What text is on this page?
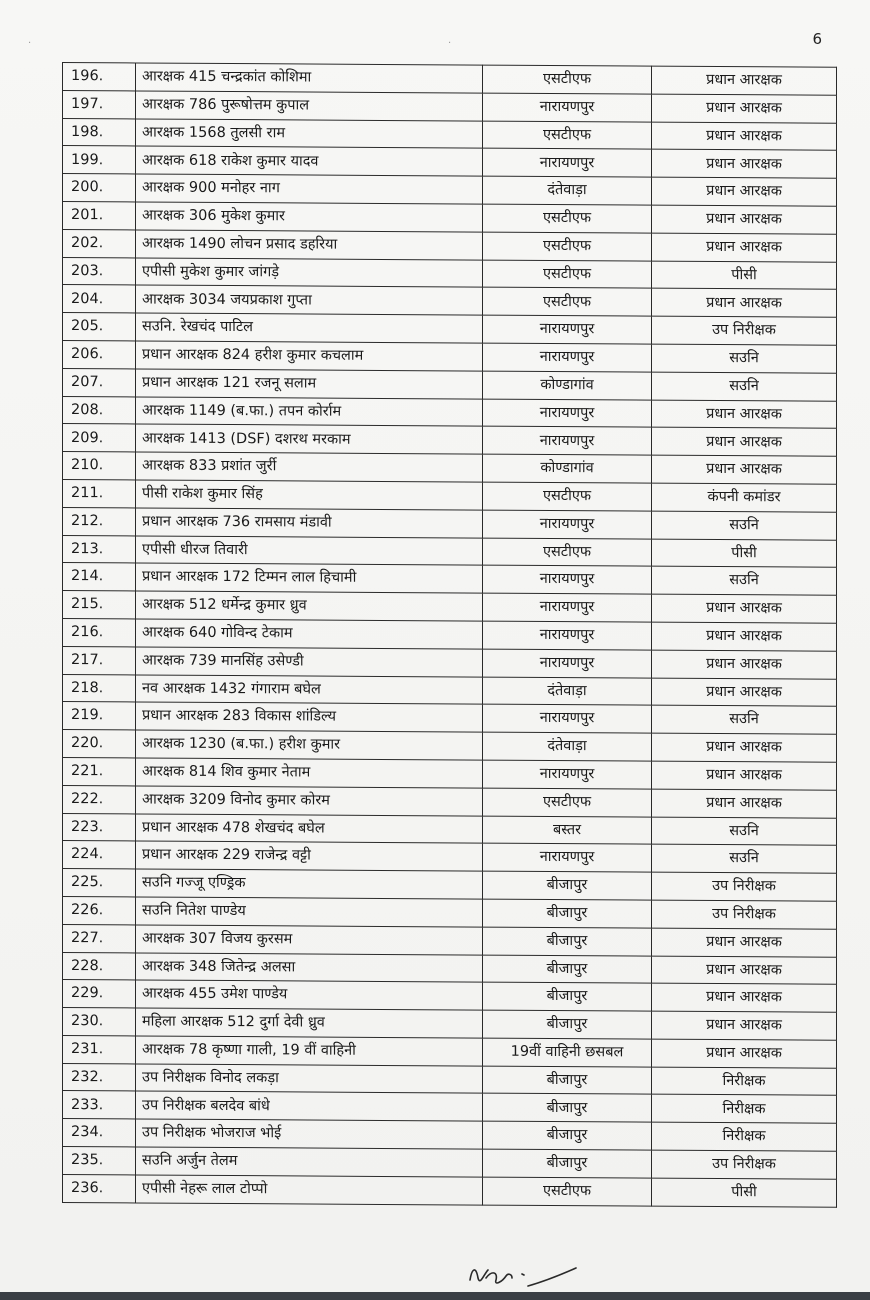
·	·	6
196.	आरक्षक 415 चन्द्रकांत कोशिमा	एसटीएफ	प्रधान आरक्षक
197.	आरक्षक 786 पुरूषोत्तम कुपाल	नारायणपुर	प्रधान आरक्षक
198.	आरक्षक 1568 तुलसी राम	एसटीएफ	प्रधान आरक्षक
199.	आरक्षक 618 राकेश कुमार यादव	नारायणपुर	प्रधान आरक्षक
200.	आरक्षक 900 मनोहर नाग	दंतेवाड़ा	प्रधान आरक्षक
201.	आरक्षक 306 मुकेश कुमार	एसटीएफ	प्रधान आरक्षक
202.	आरक्षक 1490 लोचन प्रसाद डहरिया	एसटीएफ	प्रधान आरक्षक
203.	एपीसी मुकेश कुमार जांगड़े	एसटीएफ	पीसी
204.	आरक्षक 3034 जयप्रकाश गुप्ता	एसटीएफ	प्रधान आरक्षक
205.	सउनि. रेखचंद पाटिल	नारायणपुर	उप निरीक्षक
206.	प्रधान आरक्षक 824 हरीश कुमार कचलाम	नारायणपुर	सउनि
207.	प्रधान आरक्षक 121 रजनू सलाम	कोण्डागांव	सउनि
208.	आरक्षक 1149 (ब.फा.) तपन कोर्राम	नारायणपुर	प्रधान आरक्षक
209.	आरक्षक 1413 (DSF) दशरथ मरकाम	नारायणपुर	प्रधान आरक्षक
210.	आरक्षक 833 प्रशांत जुर्री	कोण्डागांव	प्रधान आरक्षक
211.	पीसी राकेश कुमार सिंह	एसटीएफ	कंपनी कमांडर
212.	प्रधान आरक्षक 736 रामसाय मंडावी	नारायणपुर	सउनि
213.	एपीसी धीरज तिवारी	एसटीएफ	पीसी
214.	प्रधान आरक्षक 172 टिम्मन लाल हिचामी	नारायणपुर	सउनि
215.	आरक्षक 512 धर्मेन्द्र कुमार ध्रुव	नारायणपुर	प्रधान आरक्षक
216.	आरक्षक 640 गोविन्द टेकाम	नारायणपुर	प्रधान आरक्षक
217.	आरक्षक 739 मानसिंह उसेण्डी	नारायणपुर	प्रधान आरक्षक
218.	नव आरक्षक 1432 गंगाराम बघेल	दंतेवाड़ा	प्रधान आरक्षक
219.	प्रधान आरक्षक 283 विकास शांडिल्य	नारायणपुर	सउनि
220.	आरक्षक 1230 (ब.फा.) हरीश कुमार	दंतेवाड़ा	प्रधान आरक्षक
221.	आरक्षक 814 शिव कुमार नेताम	नारायणपुर	प्रधान आरक्षक
222.	आरक्षक 3209 विनोद कुमार कोरम	एसटीएफ	प्रधान आरक्षक
223.	प्रधान आरक्षक 478 शेखचंद बघेल	बस्तर	सउनि
224.	प्रधान आरक्षक 229 राजेन्द्र वट्टी	नारायणपुर	सउनि
225.	सउनि गज्जू एण्ड्रिक	बीजापुर	उप निरीक्षक
226.	सउनि नितेश पाण्डेय	बीजापुर	उप निरीक्षक
227.	आरक्षक 307 विजय कुरसम	बीजापुर	प्रधान आरक्षक
228.	आरक्षक 348 जितेन्द्र अलसा	बीजापुर	प्रधान आरक्षक
229.	आरक्षक 455 उमेश पाण्डेय	बीजापुर	प्रधान आरक्षक
230.	महिला आरक्षक 512 दुर्गा देवी ध्रुव	बीजापुर	प्रधान आरक्षक
231.	आरक्षक 78 कृष्णा गाली, 19 वीं वाहिनी	19वीं वाहिनी छसबल	प्रधान आरक्षक
232.	उप निरीक्षक विनोद लकड़ा	बीजापुर	निरीक्षक
233.	उप निरीक्षक बलदेव बांधे	बीजापुर	निरीक्षक
234.	उप निरीक्षक भोजराज भोई	बीजापुर	निरीक्षक
235.	सउनि अर्जुन तेलम	बीजापुर	उप निरीक्षक
236.	एपीसी नेहरू लाल टोप्पो	एसटीएफ	पीसी
